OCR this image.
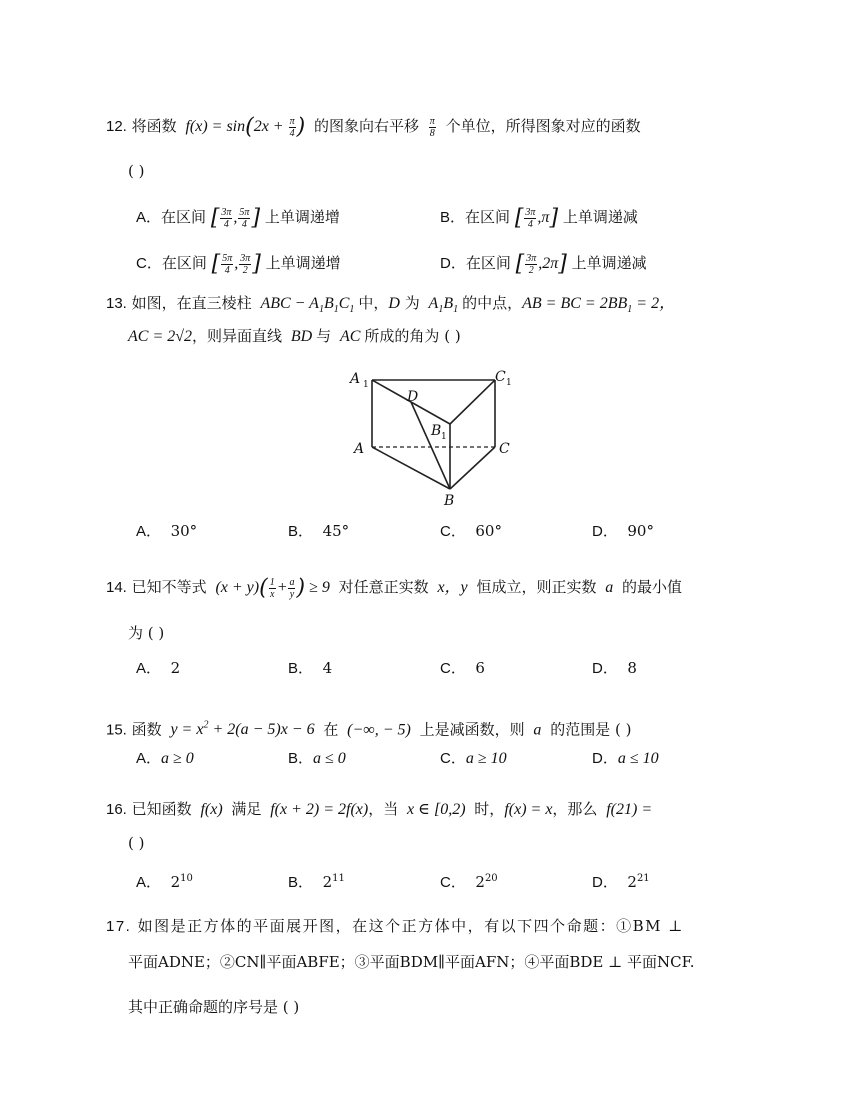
12. 将函数  $f(x) = \sin(2x + \frac{\pi}{4}$ ) 的图象向右平移 $\frac{\pi}{8}$ 个单位，所得图象对应的函数
( )
A．在区间 [ $\frac{3\pi}{4}$ , $\frac{5\pi}{4}$ ] 上单调递增	B．在区间 [ $\frac{3\pi}{4} ,\pi$] 上单调递减
C．在区间 [ $\frac{5\pi}{4}$ , $\frac{3\pi}{2}$ ] 上单调递增	D．在区间 [ $\frac{3\pi}{2} ,2\pi$] 上单调递减
13. 如图，在直三棱柱  ABC − $A_1B_1C_1$ 中，D 为  $A_1B_1$ 的中点，AB = BC = $2BB_1 = 2$，
AC = 2√2，则异面直线  BD 与  AC 所成的角为 ( )
A 1
D
C 1
B 1
A	C
B
A． 30°	B． 45°	C． 60°	D． 90°
14. 已知不等式  $(x + y)( \frac{1}{x} + \frac{a}{y}$ ) ≥ 9  对任意正实数  x，y  恒成立，则正实数  a  的最小值
为 ( )
A． 2	B． 4	C． 6	D． 8
15. 函数  $y = x^2 + 2(a - 5)x - 6$  在  (−∞, − 5)  上是减函数，则  a  的范围是 ( )
A．a ≥ 0	B．a ≤ 0	C．a ≥ 10	D．a ≤ 10
16. 已知函数  f(x)  满足  f(x + 2) = 2f(x)，当  x ∈ [0,2)  时，f(x) = x，那么  f(21) =
( )
A． $2^{10}$	B． $2^{11}$	C． $2^{20}$	D． $2^{21}$
17. 如图是正方体的平面展开图，在这个正方体中，有以下四个命题：①BM ⊥
平面ADNE；②CN∥平面ABFE；③平面BDM∥平面AFN；④平面BDE ⊥ 平面NCF.
其中正确命题的序号是 ( )
